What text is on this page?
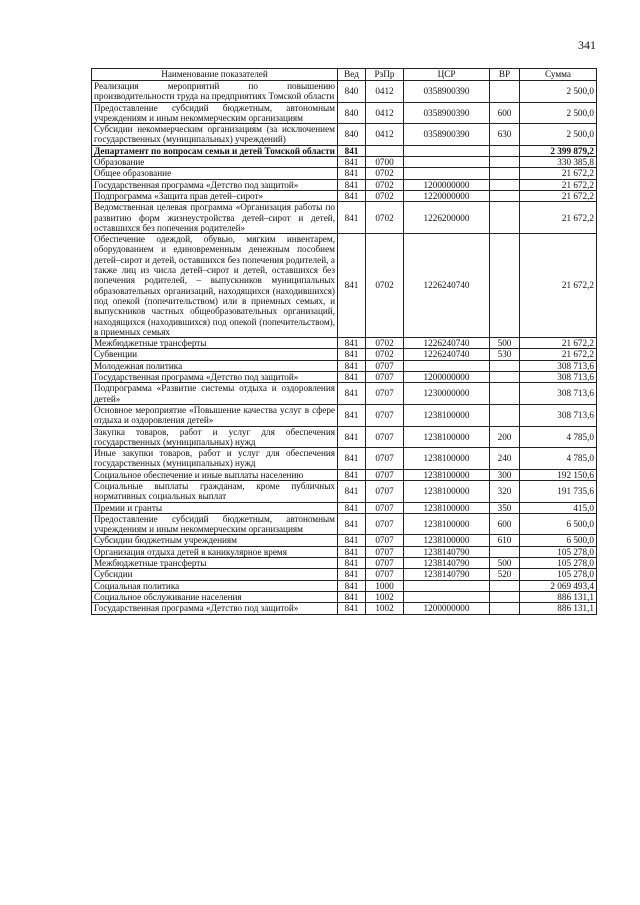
341
Наименование показателей	Вед	РзПр	ЦСР	ВР	Сумма
Реализация мероприятий по повышению производительности труда на предприятиях Томской области	840	0412	0358900390		2 500,0
Предоставление субсидий бюджетным, автономным учреждениям и иным некоммерческим организациям	840	0412	0358900390	600	2 500,0
Субсидии некоммерческим организациям (за исключением государственных (муниципальных) учреждений)	840	0412	0358900390	630	2 500,0
Департамент по вопросам семьи и детей Томской области	841				2 399 879,2
Образование	841	0700			330 385,8
Общее образование	841	0702			21 672,2
Государственная программа «Детство под защитой»	841	0702	1200000000		21 672,2
Подпрограмма «Защита прав детей–сирот»	841	0702	1220000000		21 672,2
Ведомственная целевая программа «Организация работы по развитию форм жизнеустройства детей–сирот и детей, оставшихся без попечения родителей»	841	0702	1226200000		21 672,2
Обеспечение одеждой, обувью, мягким инвентарем, оборудованием и единовременным денежным пособием детей–сирот и детей, оставшихся без попечения родителей, а также лиц из числа детей–сирот и детей, оставшихся без попечения родителей, – выпускников муниципальных образовательных организаций, находящихся (находившихся) под опекой (попечительством) или в приемных семьях, и выпускников частных общеобразовательных организаций, находящихся (находившихся) под опекой (попечительством), в приемных семьях	841	0702	1226240740		21 672,2
Межбюджетные трансферты	841	0702	1226240740	500	21 672,2
Субвенции	841	0702	1226240740	530	21 672,2
Молодежная политика	841	0707			308 713,6
Государственная программа «Детство под защитой»	841	0707	1200000000		308 713,6
Подпрограмма «Развитие системы отдыха и оздоровления детей»	841	0707	1230000000		308 713,6
Основное мероприятие «Повышение качества услуг в сфере отдыха и оздоровления детей»	841	0707	1238100000		308 713,6
Закупка товаров, работ и услуг для обеспечения государственных (муниципальных) нужд	841	0707	1238100000	200	4 785,0
Иные закупки товаров, работ и услуг для обеспечения государственных (муниципальных) нужд	841	0707	1238100000	240	4 785,0
Социальное обеспечение и иные выплаты населению	841	0707	1238100000	300	192 150,6
Социальные выплаты гражданам, кроме публичных нормативных социальных выплат	841	0707	1238100000	320	191 735,6
Премии и гранты	841	0707	1238100000	350	415,0
Предоставление субсидий бюджетным, автономным учреждениям и иным некоммерческим организациям	841	0707	1238100000	600	6 500,0
Субсидии бюджетным учреждениям	841	0707	1238100000	610	6 500,0
Организация отдыха детей в каникулярное время	841	0707	1238140790		105 278,0
Межбюджетные трансферты	841	0707	1238140790	500	105 278,0
Субсидии	841	0707	1238140790	520	105 278,0
Социальная политика	841	1000			2 069 493,4
Социальное обслуживание населения	841	1002			886 131,1
Государственная программа «Детство под защитой»	841	1002	1200000000		886 131,1
